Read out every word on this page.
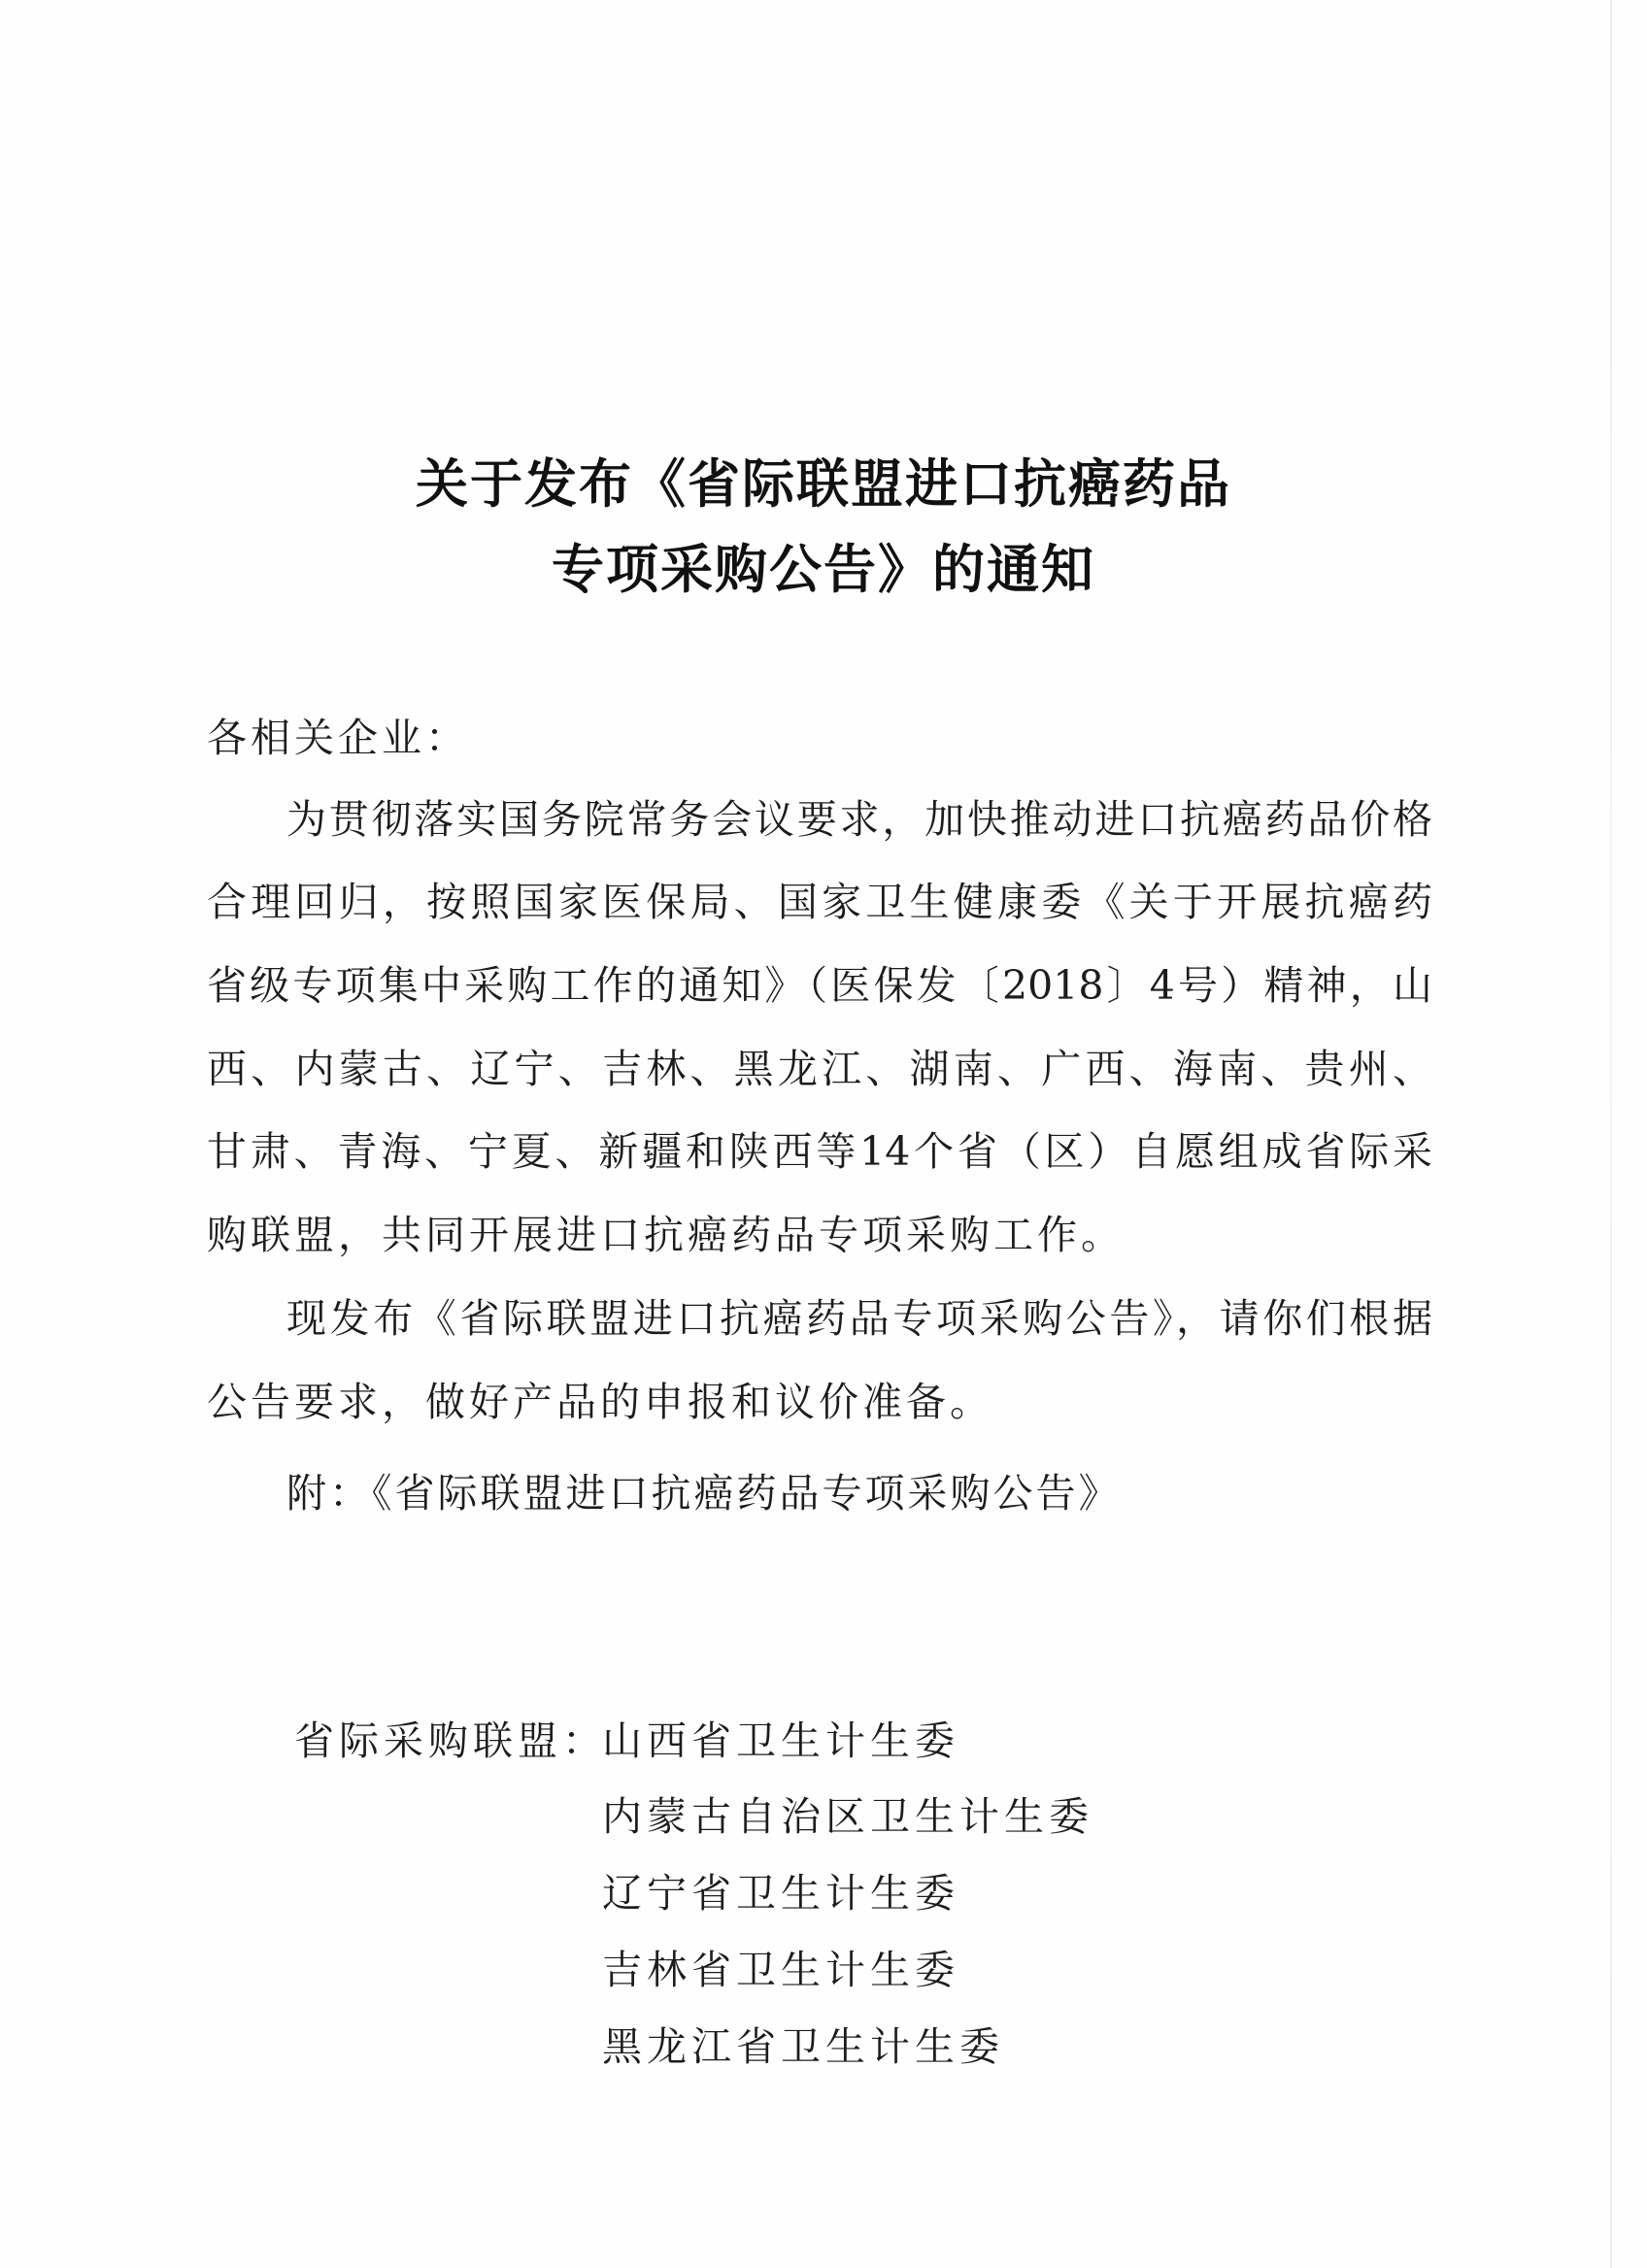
关于发布《省际联盟进口抗癌药品
专项采购公告》的通知
各相关企业：
为贯彻落实国务院常务会议要求，加快推动进口抗癌药品价格
合理回归，按照国家医保局、国家卫生健康委《关于开展抗癌药
省级专项集中采购工作的通知》（医保发〔2018〕4号）精神，山
西、内蒙古、辽宁、吉林、黑龙江、湖南、广西、海南、贵州、
甘肃、青海、宁夏、新疆和陕西等14个省（区）自愿组成省际采
购联盟，共同开展进口抗癌药品专项采购工作。
现发布《省际联盟进口抗癌药品专项采购公告》，请你们根据
公告要求，做好产品的申报和议价准备。
附：《省际联盟进口抗癌药品专项采购公告》
省际采购联盟：
山西省卫生计生委
内蒙古自治区卫生计生委
辽宁省卫生计生委
吉林省卫生计生委
黑龙江省卫生计生委
